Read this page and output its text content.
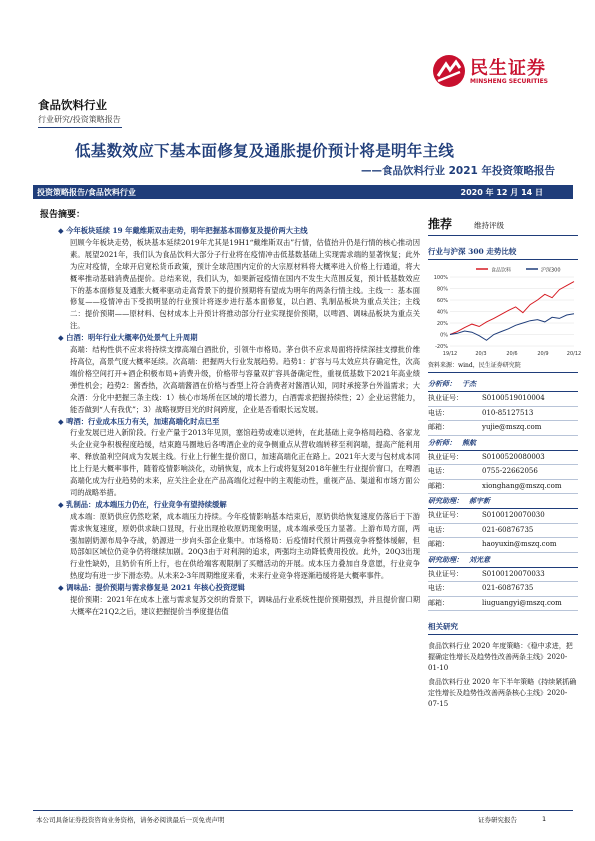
民生证券
MINSHENG SECURITIES
食品饮料行业
行业研究/投资策略报告
低基数效应下基本面修复及通胀提价预计将是明年主线
——食品饮料行业 2021 年投资策略报告
投资策略报告/食品饮料行业	2020 年 12 月 14 日
报告摘要：
◆ 今年板块延续 19 年戴维斯双击走势，明年把握基本面修复及提价两大主线
回顾今年板块走势，板块基本延续2019年尤其是19H1“戴维斯双击”行情，估值抬升仍是行情的核心推动因素。展望2021年，我们认为食品饮料大部分子行业将在疫情冲击低基数基础上实现需求端的显著恢复；此外为应对疫情，全球开启宽松货币政策，预计全球范围内定价的大宗原材料将大概率进入价格上行通道，将大概率推动基础消费品提价。总结来说，我们认为，如果新冠疫情在国内不发生大范围反复，预计低基数效应下的基本面修复及通胀大概率驱动走高背景下的提价预期将有望成为明年的两条行情主线。主线一：基本面修复——疫情冲击下受损明显的行业预计将逐步进行基本面修复，以白酒、乳制品板块为重点关注；主线二：提价预期——原材料、包材成本上升预计将推动部分行业实现提价预期，以啤酒、调味品板块为重点关注。
◆ 白酒：明年行业大概率仍处景气上升周期
高端：结构性供不应求将持续支撑高端白酒批价，引领牛市格局。茅台供不应求局面将持续深挂支撑批价维持高位，高景气度大概率延续。次高端：把握两大行业发展趋势。趋势1：扩容与马太效应共存确定性，次高端价格空间打开+酒企积极布局+消费升级，价格带与容量双扩容具备确定性，重视低基数下2021年高业绩弹性机会；趋势2：酱香热，次高端酱酒在价格与香型上符合消费者对酱酒认知，同时承接茅台外溢需求；大众酒：分化中把握三条主线：1）核心市场所在区域的增长潜力，白酒需求把握持续性；2）企业运营能力，能否做到“人有我优”；3）战略视野目光的时间跨度，企业是否看眼长远发展。
◆ 啤酒：行业成本压力有关，加速高端化时点已至
行业发展已进入新阶段。行业产量于2013年见顶，塞馆趋势或难以逆转，在此基础上竞争格局趋稳、各家龙头企业竞争积极程度趋缓，结束跑马圈地后各啤酒企业的竞争侧重点从营收端转移至利润端，提高产能利用率、释放盈利空间成为发展主线。行业上行催生提价窗口，加速高端化正在路上。2021年大麦与包材成本同比上行是大概率事件，随着疫情影响淡化，动销恢复，成本上行或将复刻2018年催生行业提价窗口，在啤酒高端化成为行业趋势的未来，应关注企业在产品高端化过程中的主观能动性，重视产品、渠道和市场方面公司的战略举措。
◆ 乳制品：成本端压力仍在，行业竞争有望持续缓解
成本端：原奶供应仍然吃紧，成本端压力持续。今年疫情影响基本结束后，原奶供给恢复速度仍落后于下游需求恢复速度，原奶供求缺口显现，行业出现抢收原奶现象明显，成本端承受压力显著。上游布局方面，两强加剧奶源布局争夺战，奶源进一步向头部企业集中。市场格局：后疫情时代预计两强竞争将整体缓解，但局部如区域位仍竞争仍将继续加剧。20Q3由于对利润的追求，两强均主动降低费用投放。此外，20Q3出现行业性缺奶，且奶价有所上行，也在供给端客观限制了买赠活动的开展。成本压力叠加自身意愿，行业竞争热度均有进一步下滑态势。从未来2-3年周期维度来看，未来行业竞争将逐渐趋缓将是大概率事件。
◆ 调味品：提价预期与需求修复是 2021 年核心投资逻辑
提价预期：2021年在成本上涨与需求复苏交织的背景下，调味品行业系统性提价预期强烈，并且提价窗口期大概率在21Q2之后，建议把握提价当季度提估值
推荐	维持评级
行业与沪深 300 走势比较
食品饮料	沪深300
100%
80%
60%
40%
20%
0%
-20%
19/12	20/3	20/6	20/9	20/12
资料来源：wind，民生证券研究院
分析师： 于杰
执业证号：	S0100519010004
电话：	010-85127513
邮箱：	yujie@mszq.com
分析师： 熊航
执业证号：	S0100520080003
电话：	0755-22662056
邮箱：	xionghang@mszq.com
研究助理： 郝宇新
执业证号：	S0100120070030
电话：	021-60876735
邮箱：	haoyuxin@mszq.com
研究助理： 刘光意
执业证号：	S0100120070033
电话：	021-60876735
邮箱：	liuguangyi@mszq.com
相关研究
食品饮料行业 2020 年度策略：《稳中求进，把握确定性增长及趋势性改善两条主线》2020-01-10
食品饮料行业 2020 年下半年策略《持续紧抓确定性增长及趋势性改善两条核心主线》2020-07-15
本公司具备证券投资咨询业务资格，请务必阅读最后一页免责声明	证券研究报告	1
